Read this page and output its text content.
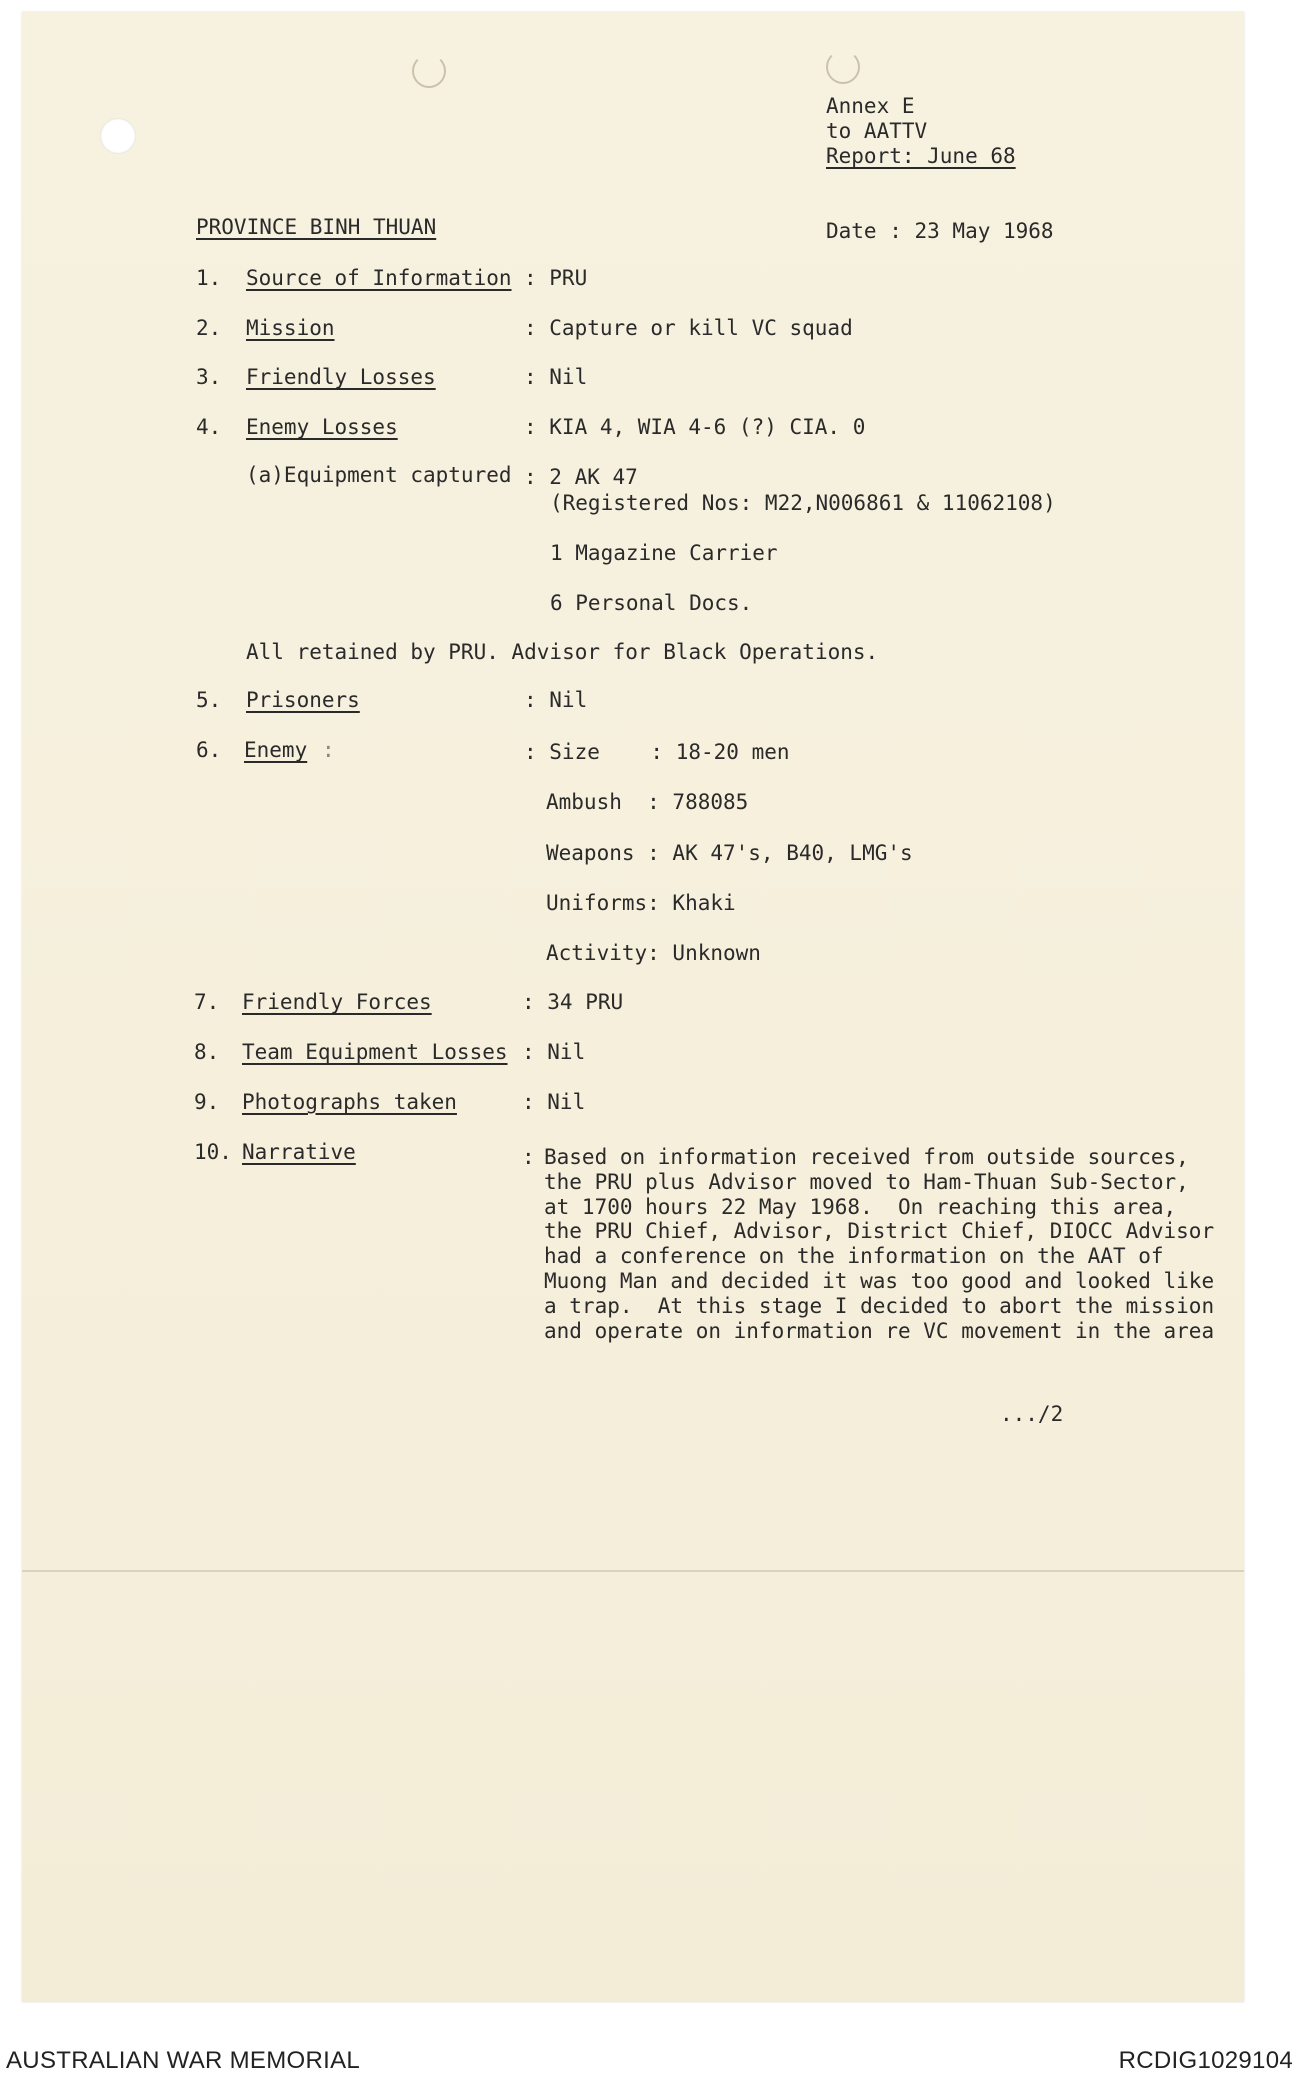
Annex E
to AATTV
Report: June 68
PROVINCE BINH THUAN	Date : 23 May 1968
1. Source of Information : PRU
2. Mission	: Capture or kill VC squad
3. Friendly Losses	: Nil
4. Enemy Losses	: KIA 4, WIA 4-6 (?) CIA. 0
(a)Equipment captured : 2 AK 47
(Registered Nos: M22,N006861 & 11062108)
1 Magazine Carrier
6 Personal Docs.
All retained by PRU. Advisor for Black Operations.
5. Prisoners	: Nil
6. Enemy :	: Size    : 18-20 men
Ambush  : 788085
Weapons : AK 47's, B40, LMG's
Uniforms: Khaki
Activity: Unknown
7. Friendly Forces	: 34 PRU
8. Team Equipment Losses : Nil
9. Photographs taken	: Nil
10. Narrative	: Based on information received from outside sources,
the PRU plus Advisor moved to Ham-Thuan Sub-Sector,
at 1700 hours 22 May 1968.  On reaching this area,
the PRU Chief, Advisor, District Chief, DIOCC Advisor
had a conference on the information on the AAT of
Muong Man and decided it was too good and looked like
a trap.  At this stage I decided to abort the mission
and operate on information re VC movement in the area
.../2
AUSTRALIAN WAR MEMORIAL	RCDIG1029104
